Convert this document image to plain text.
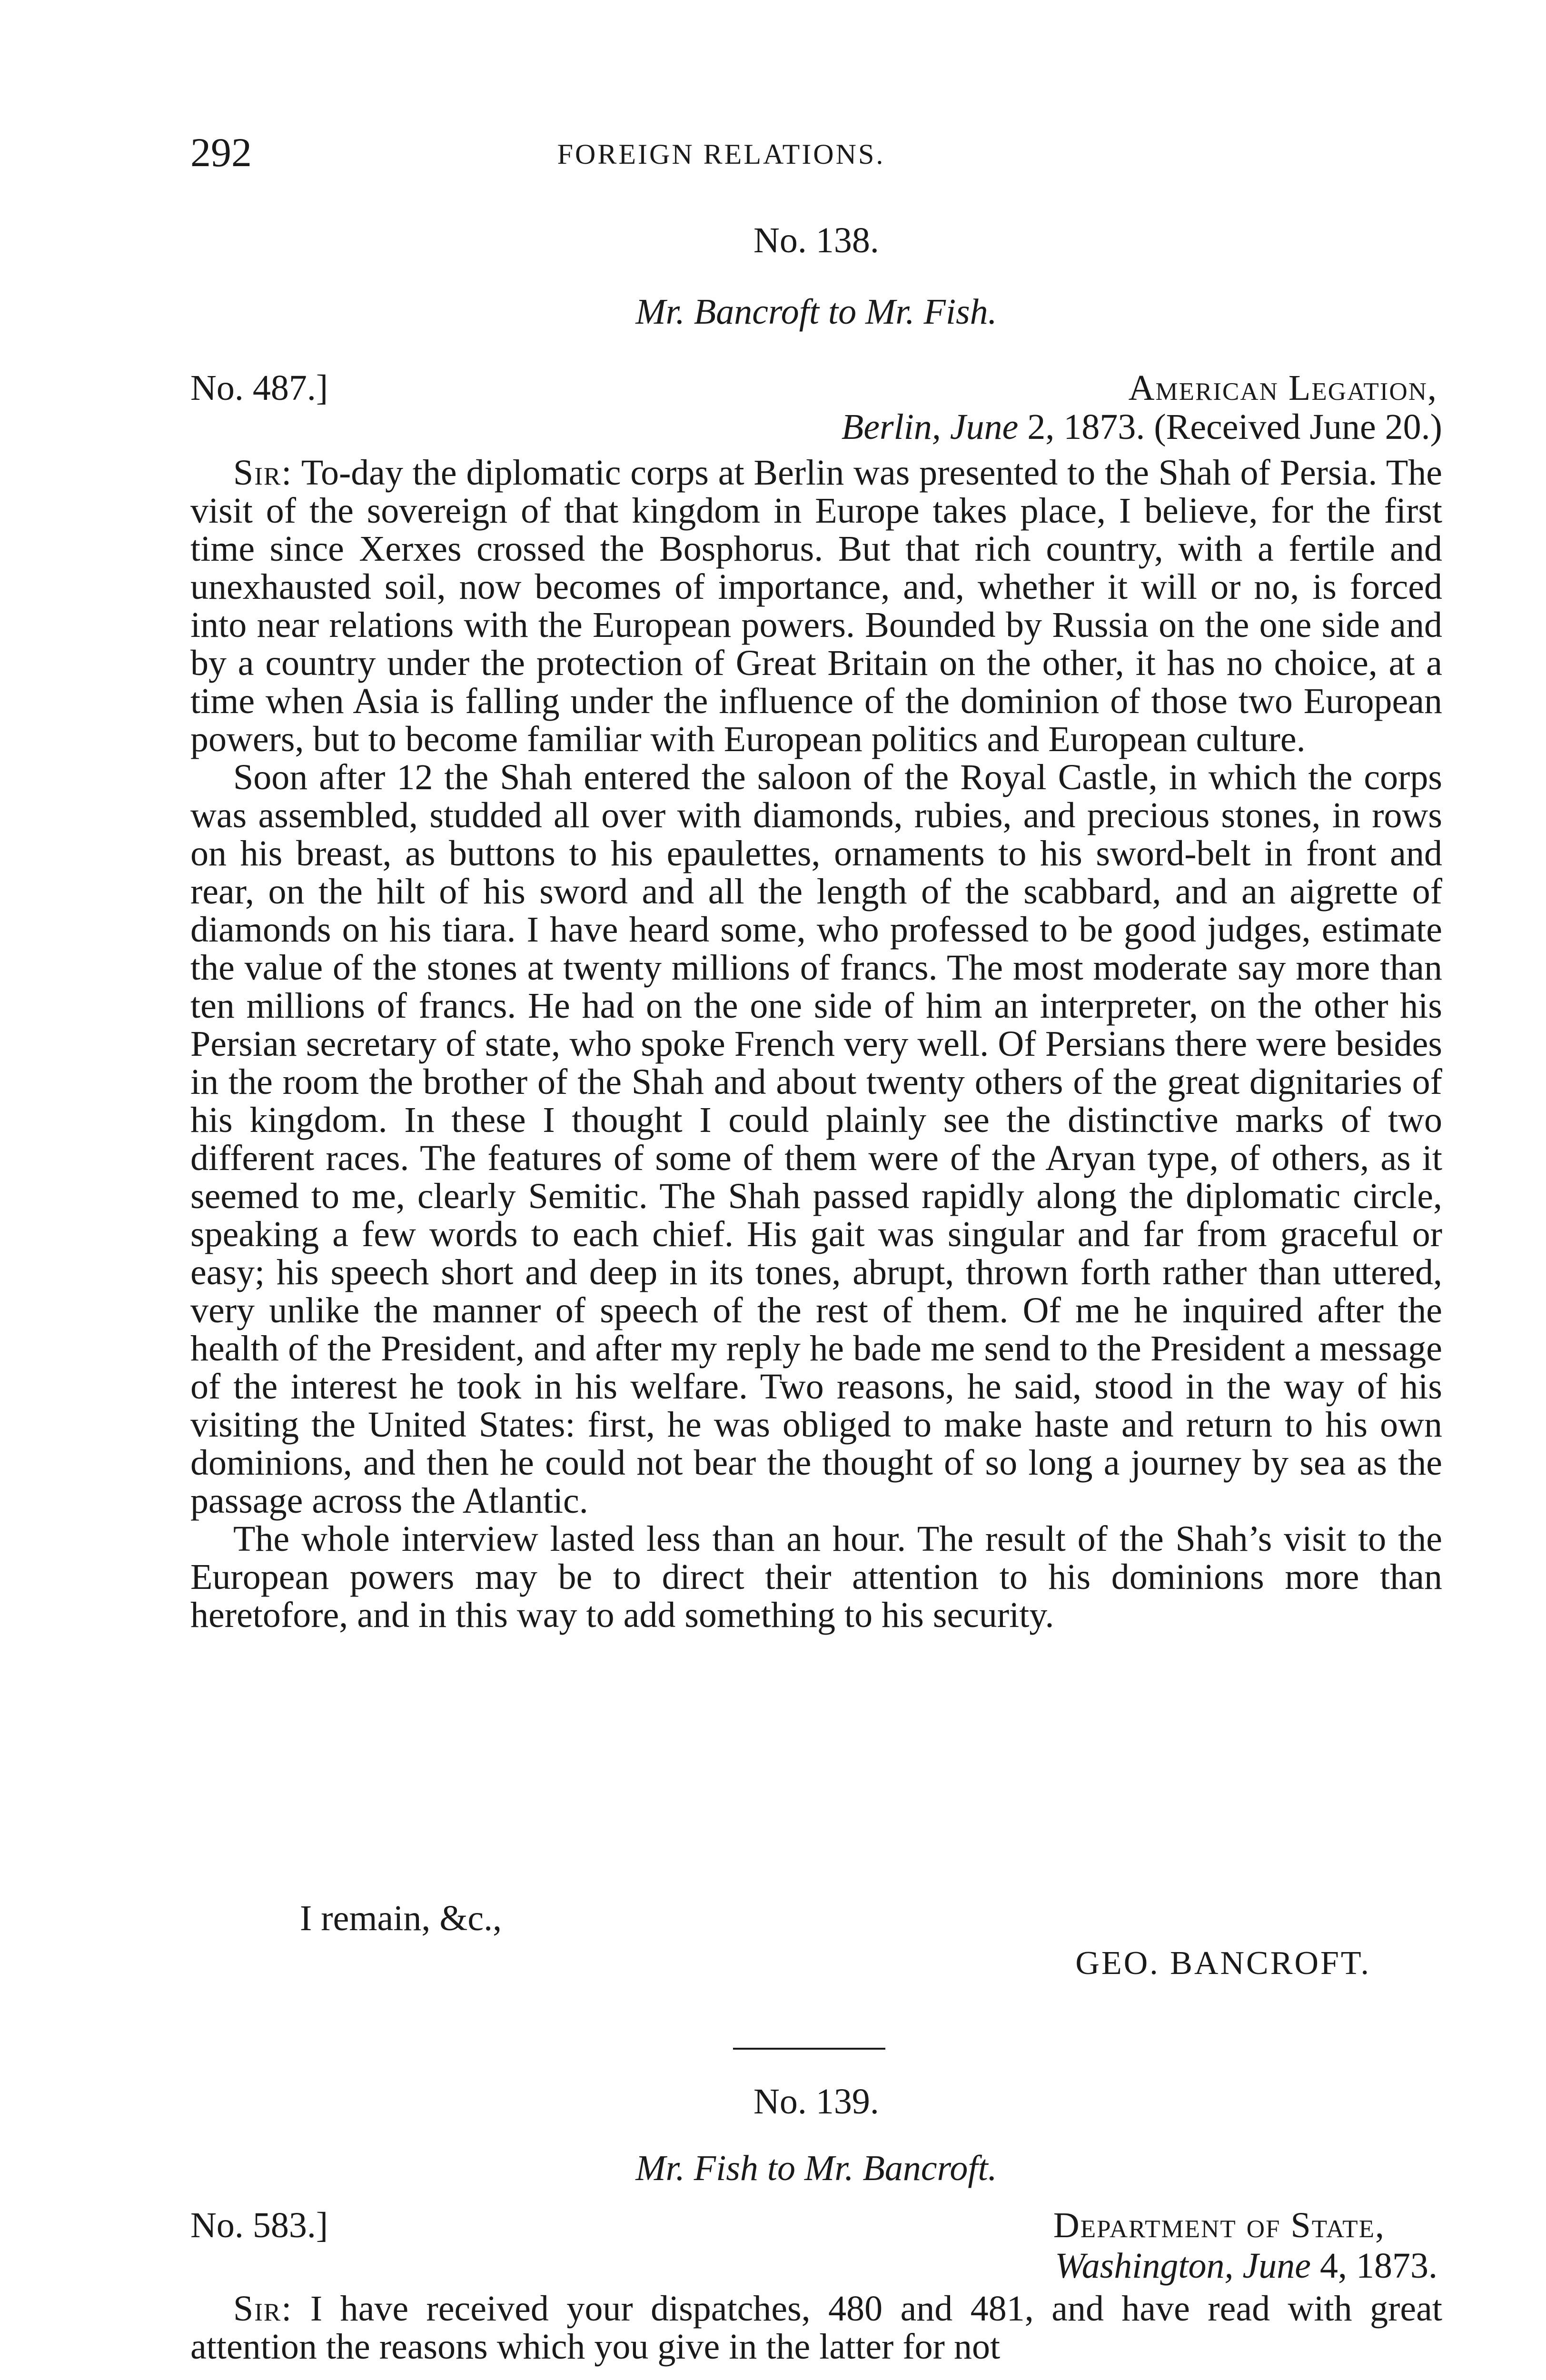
292	FOREIGN RELATIONS.
No. 138.
Mr. Bancroft to Mr. Fish.
No. 487.]	American Legation,
Berlin, June 2, 1873. (Received June 20.)

Sir: To-day the diplomatic corps at Berlin was presented to the Shah of Persia. The visit of the sovereign of that kingdom in Europe takes place, I believe, for the first time since Xerxes crossed the Bosphorus. But that rich country, with a fertile and unexhausted soil, now becomes of importance, and, whether it will or no, is forced into near relations with the European powers. Bounded by Russia on the one side and by a country under the protection of Great Britain on the other, it has no choice, at a time when Asia is falling under the influence of the dominion of those two European powers, but to become familiar with European politics and European culture.

Soon after 12 the Shah entered the saloon of the Royal Castle, in which the corps was assembled, studded all over with diamonds, rubies, and precious stones, in rows on his breast, as buttons to his epaulettes, ornaments to his sword-belt in front and rear, on the hilt of his sword and all the length of the scabbard, and an aigrette of diamonds on his tiara. I have heard some, who professed to be good judges, estimate the value of the stones at twenty millions of francs. The most moderate say more than ten millions of francs. He had on the one side of him an interpreter, on the other his Persian secretary of state, who spoke French very well. Of Persians there were besides in the room the brother of the Shah and about twenty others of the great dignitaries of his kingdom. In these I thought I could plainly see the distinctive marks of two different races. The features of some of them were of the Aryan type, of others, as it seemed to me, clearly Semitic. The Shah passed rapidly along the diplomatic circle, speaking a few words to each chief. His gait was singular and far from graceful or easy; his speech short and deep in its tones, abrupt, thrown forth rather than uttered, very unlike the manner of speech of the rest of them. Of me he inquired after the health of the President, and after my reply he bade me send to the President a message of the interest he took in his welfare. Two reasons, he said, stood in the way of his visiting the United States: first, he was obliged to make haste and return to his own dominions, and then he could not bear the thought of so long a journey by sea as the passage across the Atlantic.

The whole interview lasted less than an hour. The result of the Shah’s visit to the European powers may be to direct their attention to his dominions more than heretofore, and in this way to add something to his security.

I remain, &c.,
GEO. BANCROFT.
No. 139.
Mr. Fish to Mr. Bancroft.
No. 583.]	Department of State,
Washington, June 4, 1873.

Sir: I have received your dispatches, 480 and 481, and have read with great attention the reasons which you give in the latter for not
